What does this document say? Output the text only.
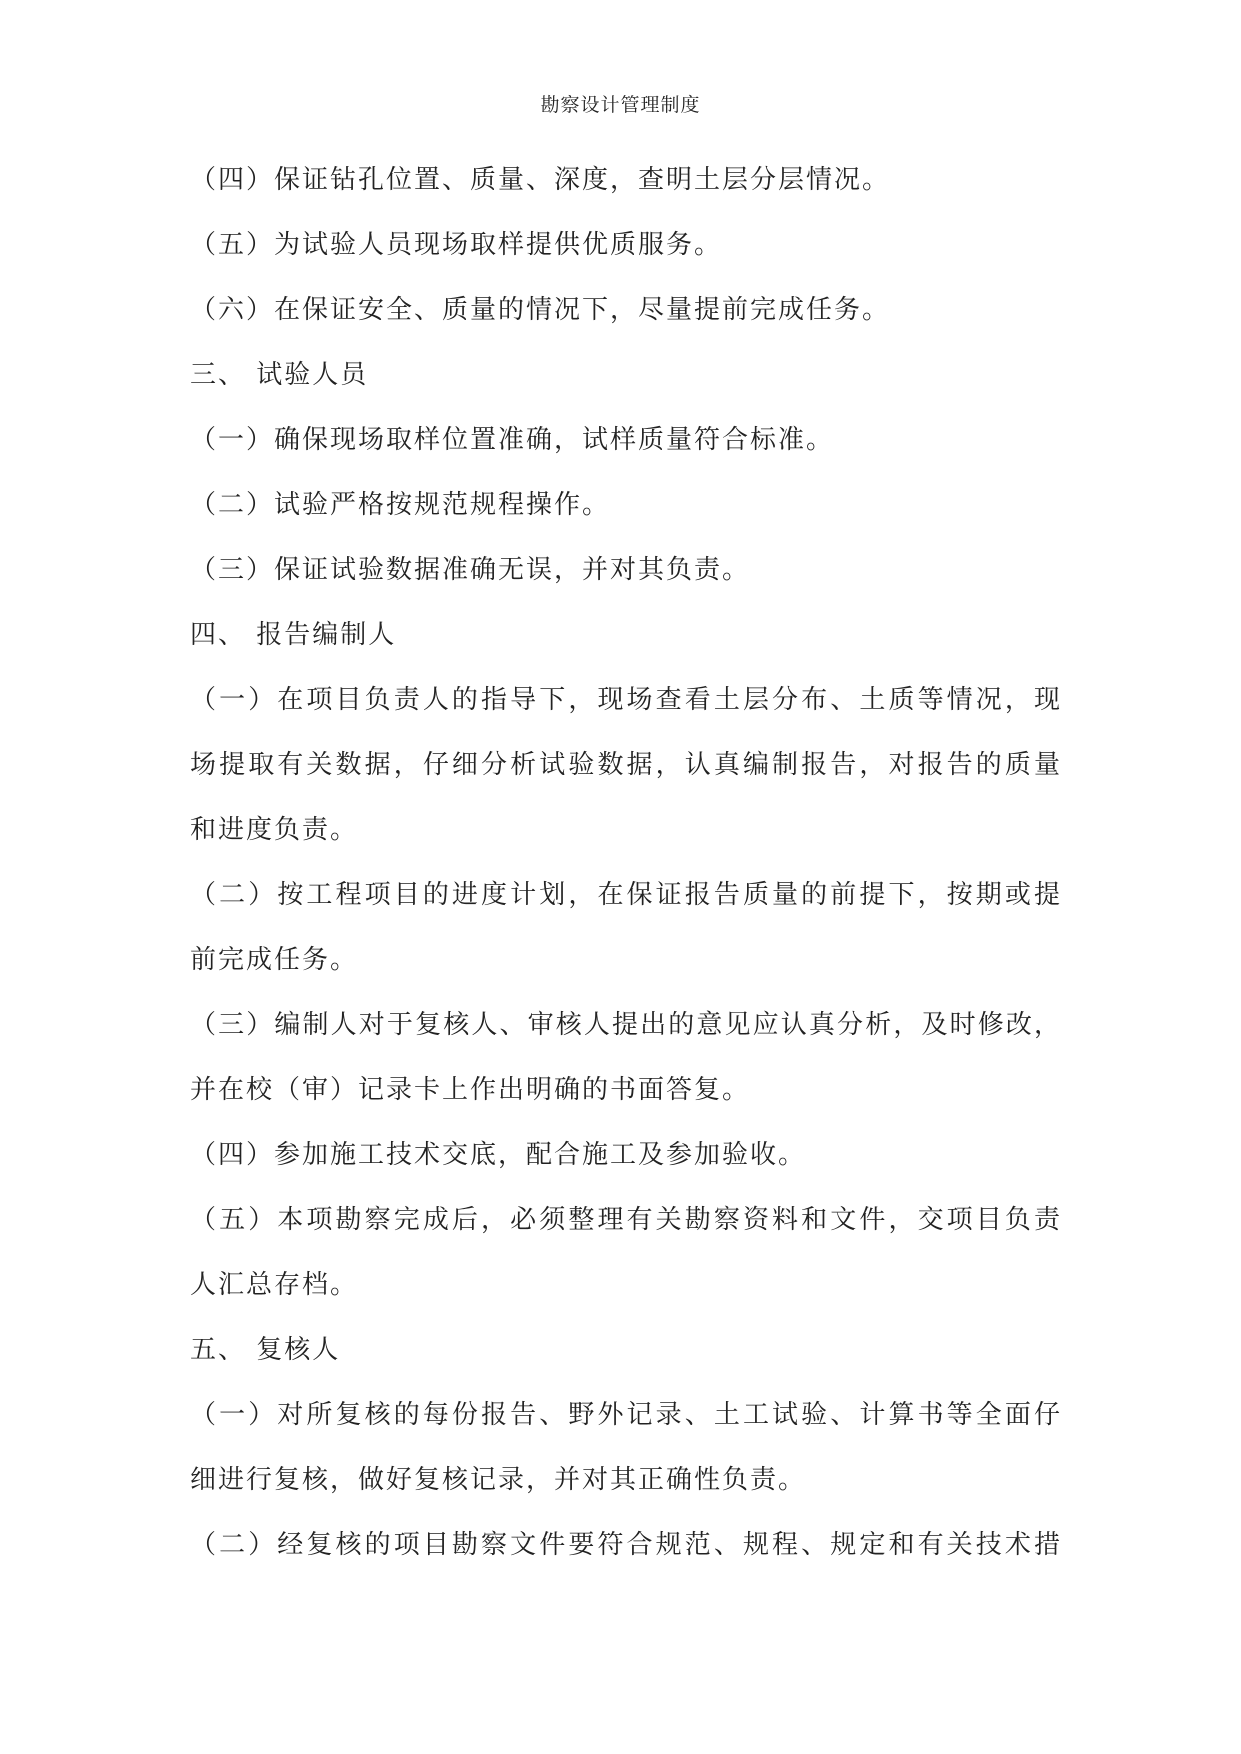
勘察设计管理制度
（四）保证钻孔位置、质量、深度，查明土层分层情况。
（五）为试验人员现场取样提供优质服务。
（六）在保证安全、质量的情况下，尽量提前完成任务。
三、 试验人员
（一）确保现场取样位置准确，试样质量符合标准。
（二）试验严格按规范规程操作。
（三）保证试验数据准确无误，并对其负责。
四、 报告编制人
（一）在项目负责人的指导下，现场查看土层分布、土质等情况，现
场提取有关数据，仔细分析试验数据，认真编制报告，对报告的质量
和进度负责。
（二）按工程项目的进度计划，在保证报告质量的前提下，按期或提
前完成任务。
（三）编制人对于复核人、审核人提出的意见应认真分析，及时修改，
并在校（审）记录卡上作出明确的书面答复。
（四）参加施工技术交底，配合施工及参加验收。
（五）本项勘察完成后，必须整理有关勘察资料和文件，交项目负责
人汇总存档。
五、 复核人
（一）对所复核的每份报告、野外记录、土工试验、计算书等全面仔
细进行复核，做好复核记录，并对其正确性负责。
（二）经复核的项目勘察文件要符合规范、规程、规定和有关技术措
